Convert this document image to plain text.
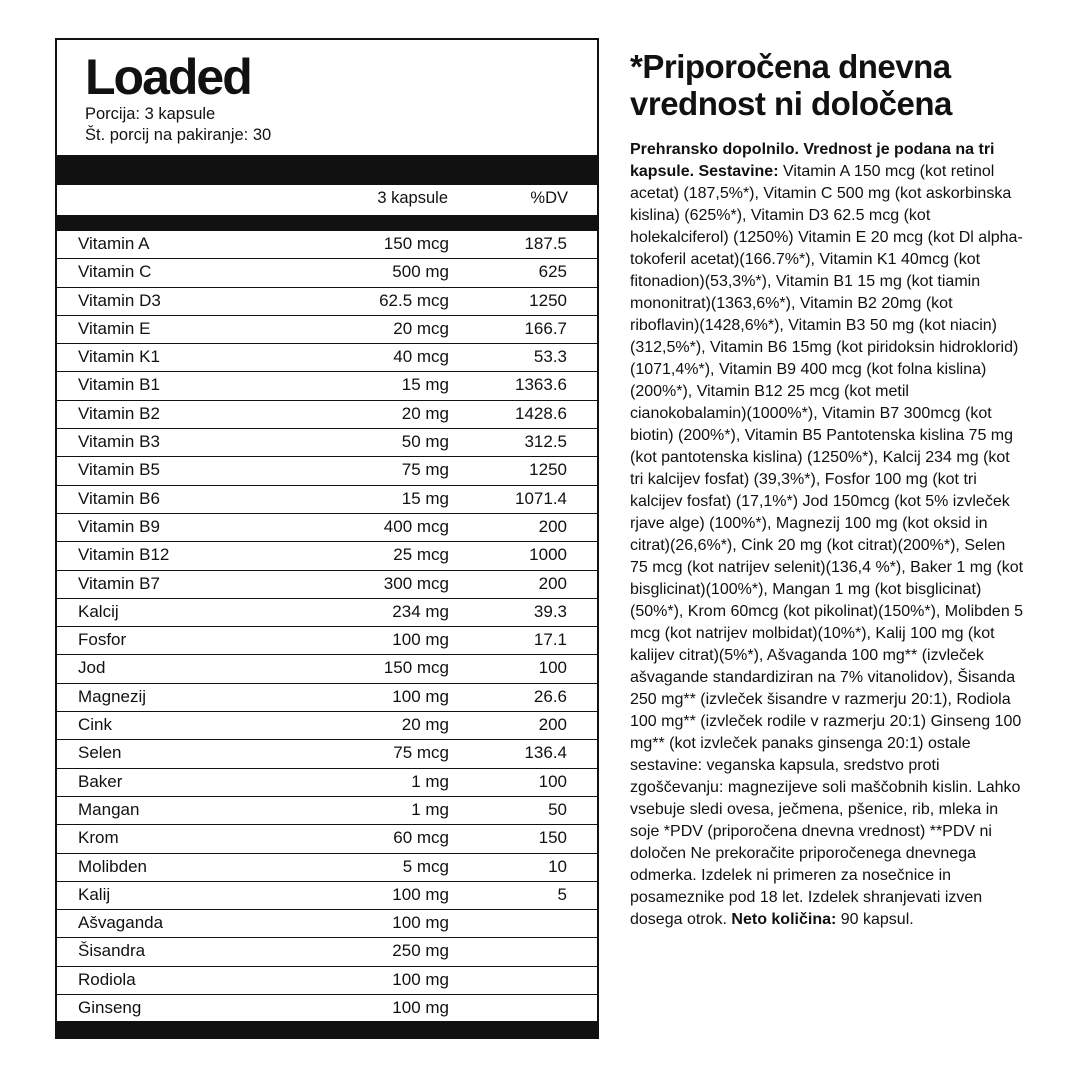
Loaded
Porcija: 3 kapsule
Št. porcij na pakiranje: 30
3 kapsule	%DV
Vitamin A	150 mcg	187.5
Vitamin C	500 mg	625
Vitamin D3	62.5 mcg	1250
Vitamin E	20 mcg	166.7
Vitamin K1	40 mcg	53.3
Vitamin B1	15 mg	1363.6
Vitamin B2	20 mg	1428.6
Vitamin B3	50 mg	312.5
Vitamin B5	75 mg	1250
Vitamin B6	15 mg	1071.4
Vitamin B9	400 mcg	200
Vitamin B12	25 mcg	1000
Vitamin B7	300 mcg	200
Kalcij	234 mg	39.3
Fosfor	100 mg	17.1
Jod	150 mcg	100
Magnezij	100 mg	26.6
Cink	20 mg	200
Selen	75 mcg	136.4
Baker	1 mg	100
Mangan	1 mg	50
Krom	60 mcg	150
Molibden	5 mcg	10
Kalij	100 mg	5
Ašvaganda	100 mg
Šisandra	250 mg
Rodiola	100 mg
Ginseng	100 mg
*Priporočena dnevna vrednost ni določena
Prehransko dopolnilo. Vrednost je podana na tri kapsule. Sestavine: Vitamin A 150 mcg (kot retinol acetat) (187,5%*), Vitamin C 500 mg (kot askorbinska kislina) (625%*), Vitamin D3 62.5 mcg (kot holekalciferol) (1250%) Vitamin E 20 mcg (kot Dl alpha-tokoferil acetat)(166.7%*), Vitamin K1 40mcg (kot fitonadion)(53,3%*), Vitamin B1 15 mg (kot tiamin mononitrat)(1363,6%*), Vitamin B2 20mg (kot riboflavin)(1428,6%*), Vitamin B3 50 mg (kot niacin)(312,5%*), Vitamin B6 15mg (kot piridoksin hidroklorid)(1071,4%*), Vitamin B9 400 mcg (kot folna kislina) (200%*), Vitamin B12 25 mcg (kot metil cianokobalamin)(1000%*), Vitamin B7 300mcg (kot biotin) (200%*), Vitamin B5 Pantotenska kislina 75 mg (kot pantotenska kislina) (1250%*), Kalcij 234 mg (kot tri kalcijev fosfat) (39,3%*), Fosfor 100 mg (kot tri kalcijev fosfat) (17,1%*) Jod 150mcg (kot 5% izvleček rjave alge) (100%*), Magnezij 100 mg (kot oksid in citrat)(26,6%*), Cink 20 mg (kot citrat)(200%*), Selen 75 mcg (kot natrijev selenit)(136,4 %*), Baker 1 mg (kot bisglicinat)(100%*), Mangan 1 mg (kot bisglicinat)(50%*), Krom 60mcg (kot pikolinat)(150%*), Molibden 5 mcg (kot natrijev molbidat)(10%*), Kalij 100 mg (kot kalijev citrat)(5%*), Ašvaganda 100 mg** (izvleček ašvagande standardiziran na 7% vitanolidov), Šisanda 250 mg** (izvleček šisandre v razmerju 20:1), Rodiola 100 mg** (izvleček rodile v razmerju 20:1) Ginseng 100 mg** (kot izvleček panaks ginsenga 20:1) ostale sestavine: veganska kapsula, sredstvo proti zgoščevanju: magnezijeve soli maščobnih kislin. Lahko vsebuje sledi ovesa, ječmena, pšenice, rib, mleka in soje *PDV (priporočena dnevna vrednost) **PDV ni določen Ne prekoračite priporočenega dnevnega odmerka. Izdelek ni primeren za nosečnice in posameznike pod 18 let. Izdelek shranjevati izven dosega otrok. Neto količina: 90 kapsul.
